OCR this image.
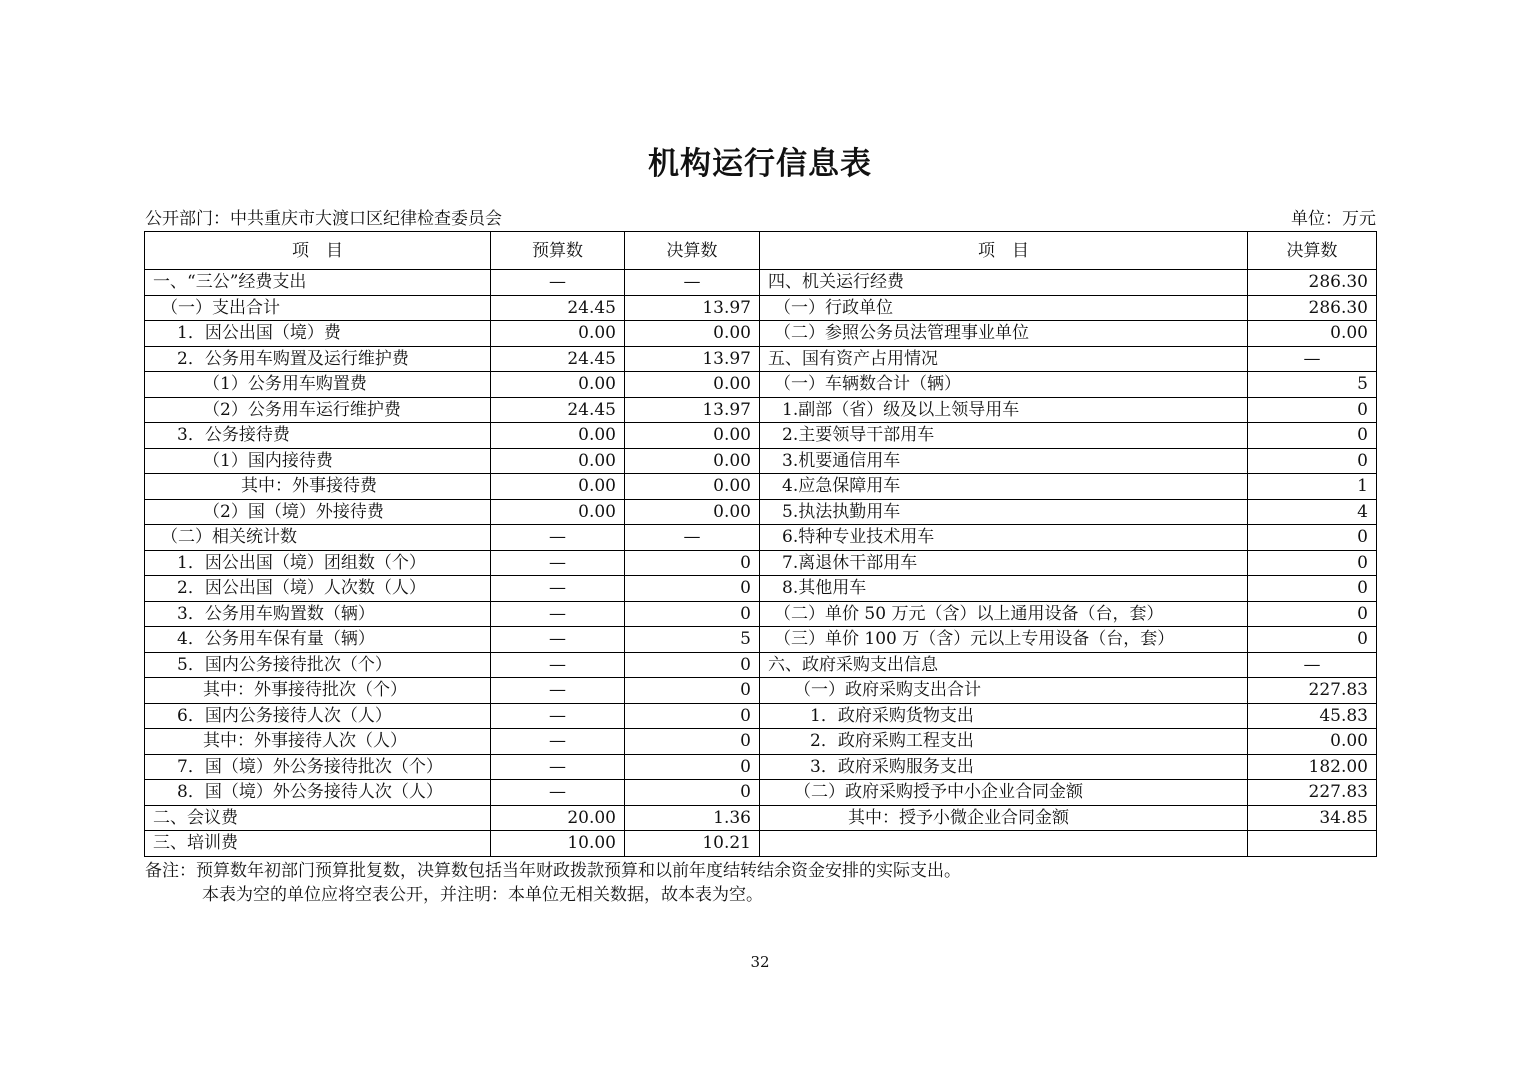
机构运行信息表
公开部门：中共重庆市大渡口区纪律检查委员会	单位：万元
项　目	预算数	决算数	项　目	决算数
一、“三公”经费支出	—	—	四、机关运行经费	286.30
（一）支出合计	24.45	13.97	（一）行政单位	286.30
1．因公出国（境）费	0.00	0.00	（二）参照公务员法管理事业单位	0.00
2．公务用车购置及运行维护费	24.45	13.97	五、国有资产占用情况	—
（1）公务用车购置费	0.00	0.00	（一）车辆数合计（辆）	5
（2）公务用车运行维护费	24.45	13.97	1.副部（省）级及以上领导用车	0
3．公务接待费	0.00	0.00	2.主要领导干部用车	0
（1）国内接待费	0.00	0.00	3.机要通信用车	0
其中：外事接待费	0.00	0.00	4.应急保障用车	1
（2）国（境）外接待费	0.00	0.00	5.执法执勤用车	4
（二）相关统计数	—	—	6.特种专业技术用车	0
1．因公出国（境）团组数（个）	—	0	7.离退休干部用车	0
2．因公出国（境）人次数（人）	—	0	8.其他用车	0
3．公务用车购置数（辆）	—	0	（二）单价 50 万元（含）以上通用设备（台，套）	0
4．公务用车保有量（辆）	—	5	（三）单价 100 万（含）元以上专用设备（台，套）	0
5．国内公务接待批次（个）	—	0	六、政府采购支出信息	—
其中：外事接待批次（个）	—	0	（一）政府采购支出合计	227.83
6．国内公务接待人次（人）	—	0	1．政府采购货物支出	45.83
其中：外事接待人次（人）	—	0	2．政府采购工程支出	0.00
7．国（境）外公务接待批次（个）	—	0	3．政府采购服务支出	182.00
8．国（境）外公务接待人次（人）	—	0	（二）政府采购授予中小企业合同金额	227.83
二、会议费	20.00	1.36	其中：授予小微企业合同金额	34.85
三、培训费	10.00	10.21		
备注：预算数年初部门预算批复数，决算数包括当年财政拨款预算和以前年度结转结余资金安排的实际支出。
本表为空的单位应将空表公开，并注明：本单位无相关数据，故本表为空。
32
